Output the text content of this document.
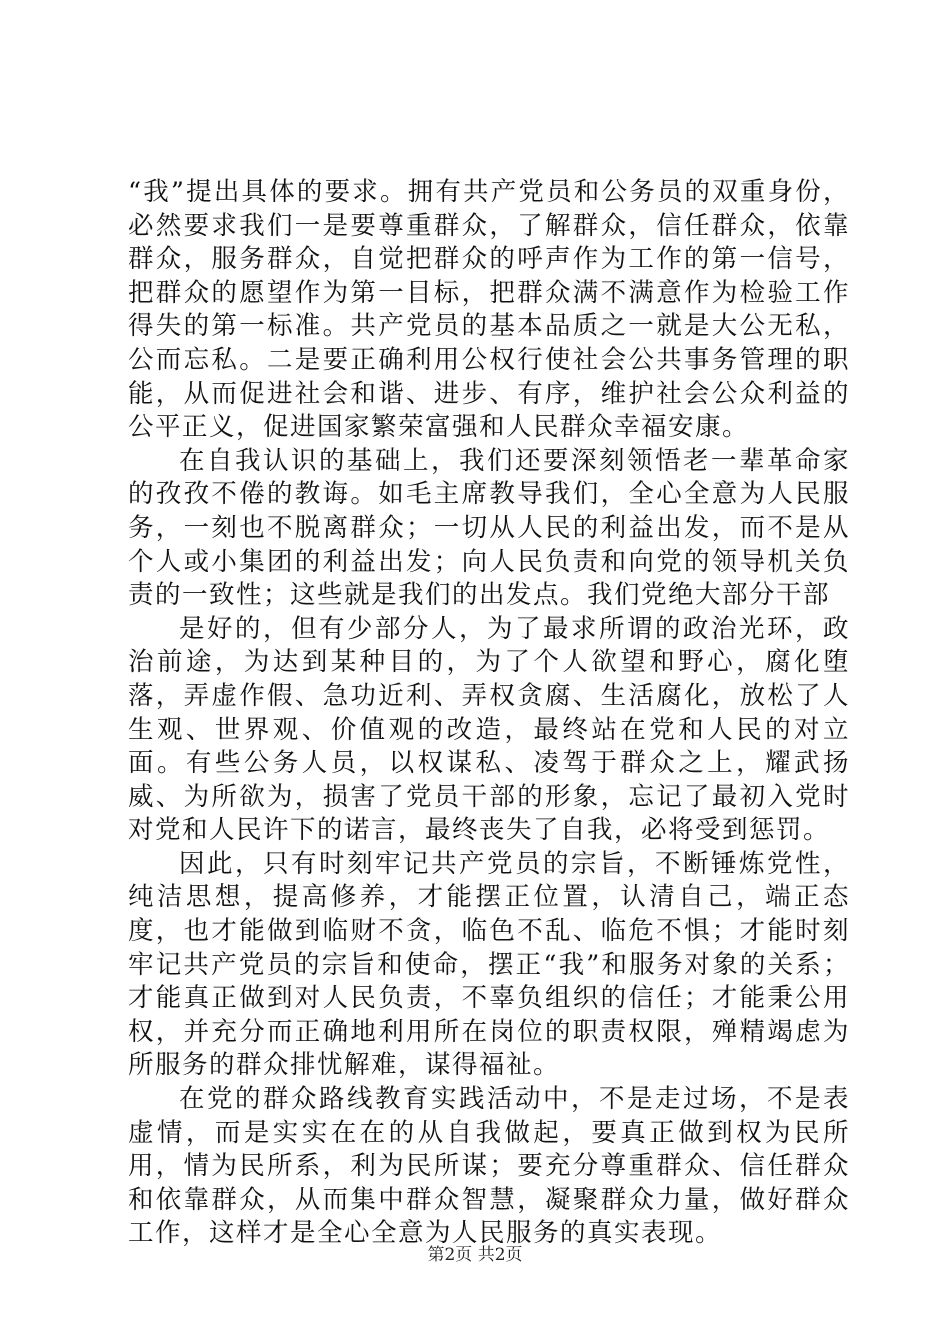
“我”提出具体的要求。拥有共产党员和公务员的双重身份，必然要求我们一是要尊重群众，了解群众，信任群众，依靠群众，服务群众，自觉把群众的呼声作为工作的第一信号，把群众的愿望作为第一目标，把群众满不满意作为检验工作得失的第一标准。共产党员的基本品质之一就是大公无私，公而忘私。二是要正确利用公权行使社会公共事务管理的职能，从而促进社会和谐、进步、有序，维护社会公众利益的公平正义，促进国家繁荣富强和人民群众幸福安康。

在自我认识的基础上，我们还要深刻领悟老一辈革命家的孜孜不倦的教诲。如毛主席教导我们，全心全意为人民服务，一刻也不脱离群众；一切从人民的利益出发，而不是从个人或小集团的利益出发；向人民负责和向党的领导机关负责的一致性；这些就是我们的出发点。我们党绝大部分干部

是好的，但有少部分人，为了最求所谓的政治光环，政治前途，为达到某种目的，为了个人欲望和野心，腐化堕落，弄虚作假、急功近利、弄权贪腐、生活腐化，放松了人生观、世界观、价值观的改造，最终站在党和人民的对立面。有些公务人员，以权谋私、凌驾于群众之上，耀武扬威、为所欲为，损害了党员干部的形象，忘记了最初入党时对党和人民许下的诺言，最终丧失了自我，必将受到惩罚。

因此，只有时刻牢记共产党员的宗旨，不断锤炼党性，纯洁思想，提高修养，才能摆正位置，认清自己，端正态度，也才能做到临财不贪，临色不乱、临危不惧；才能时刻牢记共产党员的宗旨和使命，摆正“我”和服务对象的关系；才能真正做到对人民负责，不辜负组织的信任；才能秉公用权，并充分而正确地利用所在岗位的职责权限，殚精竭虑为所服务的群众排忧解难，谋得福祉。

在党的群众路线教育实践活动中，不是走过场，不是表虚情，而是实实在在的从自我做起，要真正做到权为民所用，情为民所系，利为民所谋；要充分尊重群众、信任群众和依靠群众，从而集中群众智慧，凝聚群众力量，做好群众工作，这样才是全心全意为人民服务的真实表现。

第2页 共2页
